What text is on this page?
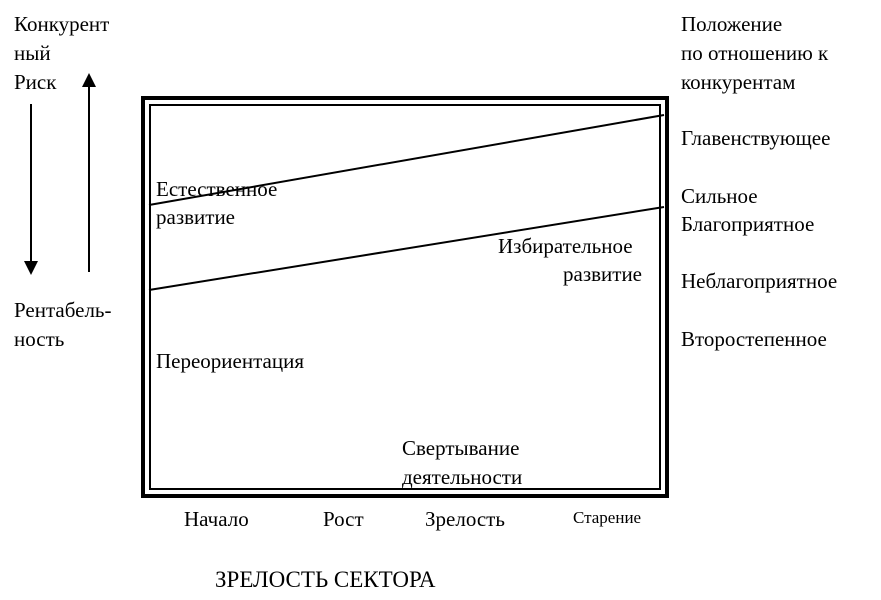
Конкурент
ный
Риск
Рентабель-
ность
Естественное
развитие
Избирательное
развитие
Переориентация
Свертывание
деятельности
Положение
по отношению к
конкурентам
Главенствующее
Сильное
Благоприятное
Неблагоприятное
Второстепенное
Начало	Рост	Зрелость	Старение
ЗРЕЛОСТЬ СЕКТОРА
